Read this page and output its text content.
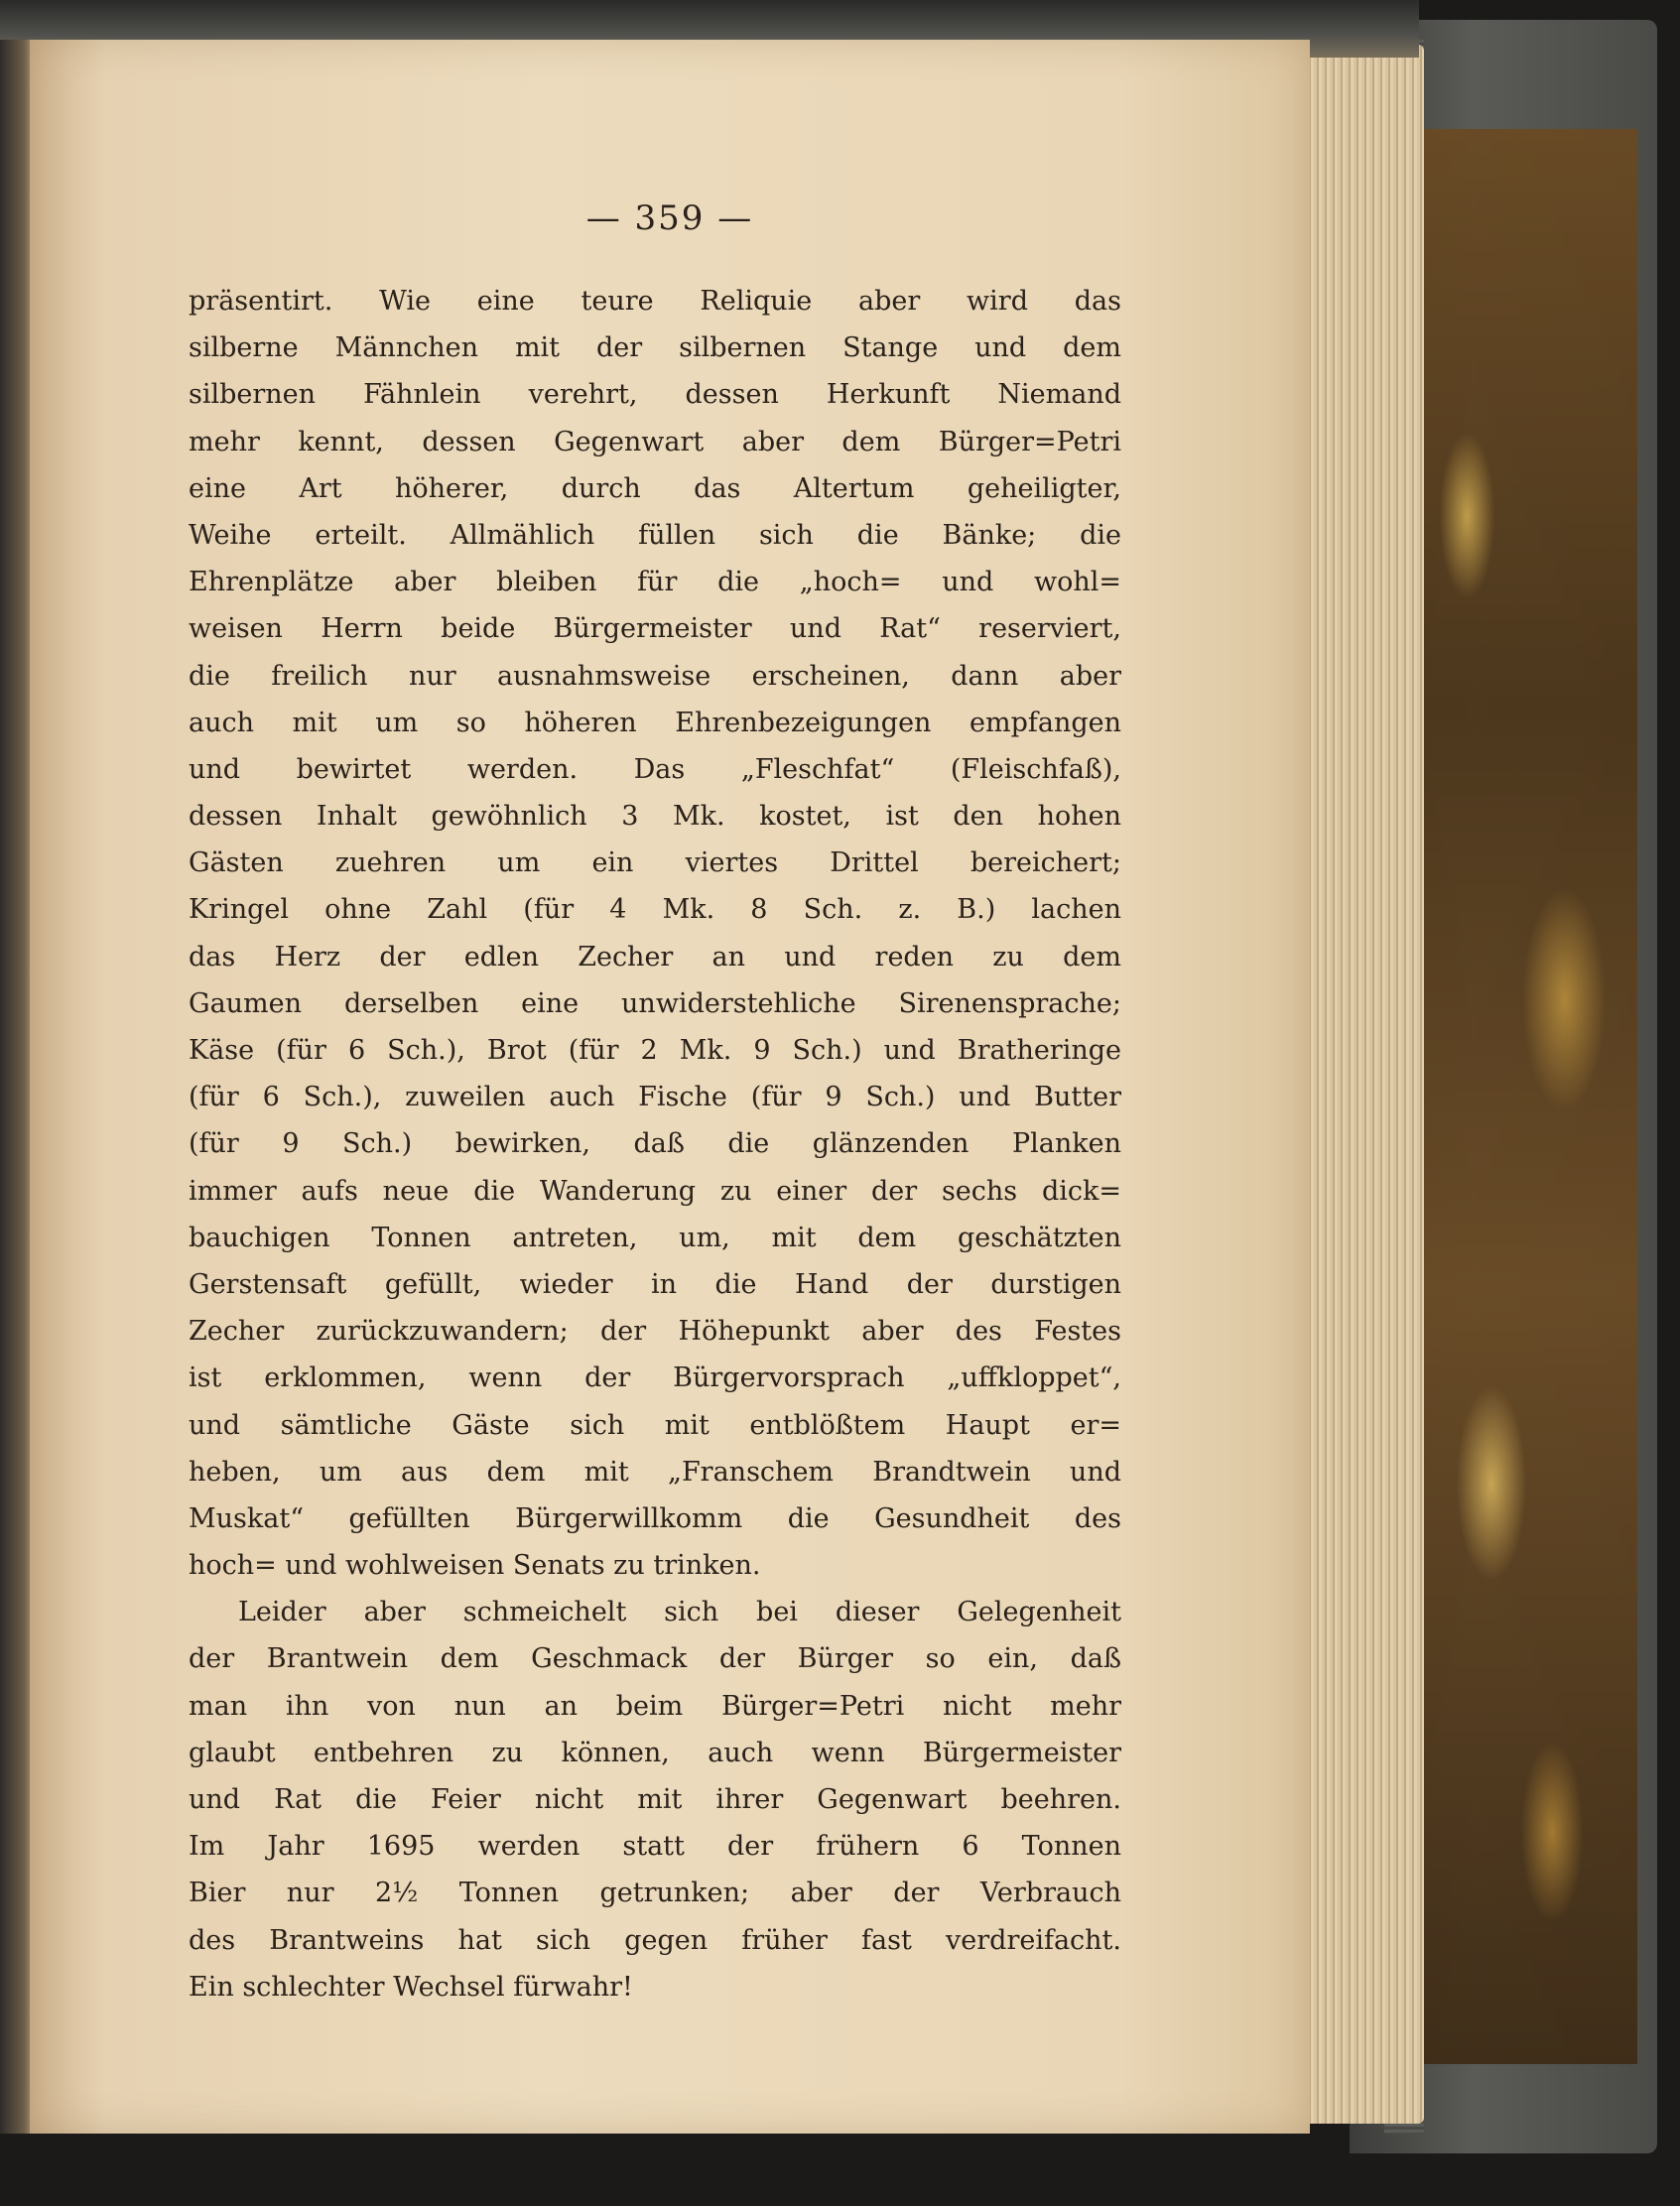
— 359 —
präsentirt. Wie eine teure Reliquie aber wird das
silberne Männchen mit der silbernen Stange und dem
silbernen Fähnlein verehrt, dessen Herkunft Niemand
mehr kennt, dessen Gegenwart aber dem Bürger=Petri
eine Art höherer, durch das Altertum geheiligter,
Weihe erteilt. Allmählich füllen sich die Bänke; die
Ehrenplätze aber bleiben für die „hoch= und wohl=
weisen Herrn beide Bürgermeister und Rat“ reserviert,
die freilich nur ausnahmsweise erscheinen, dann aber
auch mit um so höheren Ehrenbezeigungen empfangen
und bewirtet werden. Das „Fleschfat“ (Fleischfaß),
dessen Inhalt gewöhnlich 3 Mk. kostet, ist den hohen
Gästen zuehren um ein viertes Drittel bereichert;
Kringel ohne Zahl (für 4 Mk. 8 Sch. z. B.) lachen
das Herz der edlen Zecher an und reden zu dem
Gaumen derselben eine unwiderstehliche Sirenensprache;
Käse (für 6 Sch.), Brot (für 2 Mk. 9 Sch.) und Bratheringe
(für 6 Sch.), zuweilen auch Fische (für 9 Sch.) und Butter
(für 9 Sch.) bewirken, daß die glänzenden Planken
immer aufs neue die Wanderung zu einer der sechs dick=
bauchigen Tonnen antreten, um, mit dem geschätzten
Gerstensaft gefüllt, wieder in die Hand der durstigen
Zecher zurückzuwandern; der Höhepunkt aber des Festes
ist erklommen, wenn der Bürgervorsprach „uffkloppet“,
und sämtliche Gäste sich mit entblößtem Haupt er=
heben, um aus dem mit „Franschem Brandtwein und
Muskat“ gefüllten Bürgerwillkomm die Gesundheit des
hoch= und wohlweisen Senats zu trinken.
Leider aber schmeichelt sich bei dieser Gelegenheit
der Brantwein dem Geschmack der Bürger so ein, daß
man ihn von nun an beim Bürger=Petri nicht mehr
glaubt entbehren zu können, auch wenn Bürgermeister
und Rat die Feier nicht mit ihrer Gegenwart beehren.
Im Jahr 1695 werden statt der frühern 6 Tonnen
Bier nur 2½ Tonnen getrunken; aber der Verbrauch
des Brantweins hat sich gegen früher fast verdreifacht.
Ein schlechter Wechsel fürwahr!
